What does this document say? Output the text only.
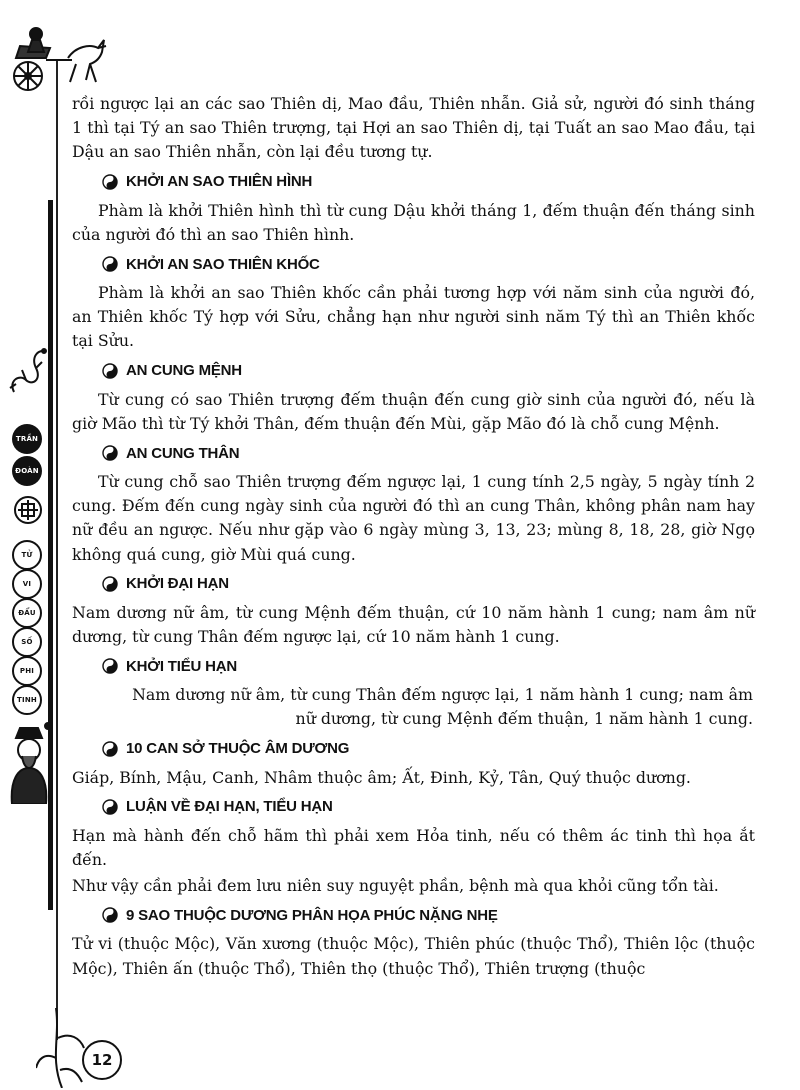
TRẦN
ĐOÀN
TỬ
VI
ĐẨU
SỐ
PHI
TINH
12

rồi ngược lại an các sao Thiên dị, Mao đầu, Thiên nhẫn. Giả sử, người đó sinh tháng 1 thì tại Tý an sao Thiên trượng, tại Hợi an sao Thiên dị, tại Tuất an sao Mao đầu, tại Dậu an sao Thiên nhẫn, còn lại đều tương tự.

KHỞI AN SAO THIÊN HÌNH

Phàm là khởi Thiên hình thì từ cung Dậu khởi tháng 1, đếm thuận đến tháng sinh của người đó thì an sao Thiên hình.

KHỞI AN SAO THIÊN KHỐC

Phàm là khởi an sao Thiên khốc cần phải tương hợp với năm sinh của người đó, an Thiên khốc Tý hợp với Sửu, chẳng hạn như người sinh năm Tý thì an Thiên khốc tại Sửu.

AN CUNG MỆNH

Từ cung có sao Thiên trượng đếm thuận đến cung giờ sinh của người đó, nếu là giờ Mão thì từ Tý khởi Thân, đếm thuận đến Mùi, gặp Mão đó là chỗ cung Mệnh.

AN CUNG THÂN

Từ cung chỗ sao Thiên trượng đếm ngược lại, 1 cung tính 2,5 ngày, 5 ngày tính 2 cung. Đếm đến cung ngày sinh của người đó thì an cung Thân, không phân nam hay nữ đều an ngược. Nếu như gặp vào 6 ngày mùng 3, 13, 23; mùng 8, 18, 28, giờ Ngọ không quá cung, giờ Mùi quá cung.

KHỞI ĐẠI HẠN

Nam dương nữ âm, từ cung Mệnh đếm thuận, cứ 10 năm hành 1 cung; nam âm nữ dương, từ cung Thân đếm ngược lại, cứ 10 năm hành 1 cung.

KHỞI TIỂU HẠN

Nam dương nữ âm, từ cung Thân đếm ngược lại, 1 năm hành 1 cung; nam âm

nữ dương, từ cung Mệnh đếm thuận, 1 năm hành 1 cung.

10 CAN SỞ THUỘC ÂM DƯƠNG

Giáp, Bính, Mậu, Canh, Nhâm thuộc âm; Ất, Đinh, Kỷ, Tân, Quý thuộc dương.

LUẬN VỀ ĐẠI HẠN, TIỂU HẠN

Hạn mà hành đến chỗ hãm thì phải xem Hỏa tinh, nếu có thêm ác tinh thì họa ắt đến.

Như vậy cần phải đem lưu niên suy nguyệt phần, bệnh mà qua khỏi cũng tổn tài.

9 SAO THUỘC DƯƠNG PHÂN HỌA PHÚC NẶNG NHẸ

Tử vi (thuộc Mộc), Văn xương (thuộc Mộc), Thiên phúc (thuộc Thổ), Thiên lộc (thuộc Mộc), Thiên ấn (thuộc Thổ), Thiên thọ (thuộc Thổ), Thiên trượng (thuộc
